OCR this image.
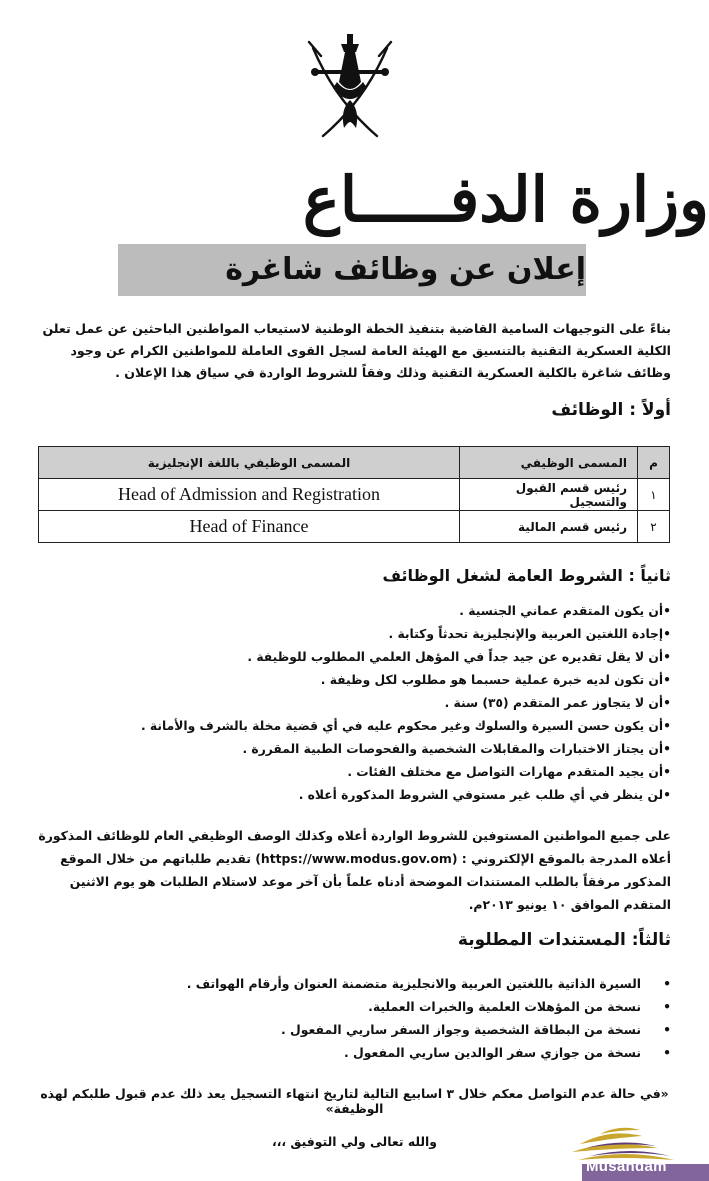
وزارة الدفـــــاع
إعلان عن وظائف شاغرة

بناءً على التوجيهات السامية القاضية بتنفيذ الخطة الوطنية لاستيعاب المواطنين الباحثين عن عمل تعلن الكلية العسكرية التقنية بالتنسيق مع الهيئة العامة لسجل القوى العاملة للمواطنين الكرام عن وجود وظائف شاغرة بالكلية العسكرية التقنية وذلك وفقاً للشروط الواردة في سياق هذا الإعلان .

أولاً : الوظائف
م	المسمى الوظيفي	المسمى الوظيفي باللغة الإنجليزية
١	رئيس قسم القبول والتسجيل	Head of Admission and Registration
٢	رئيس قسم المالية	Head of Finance
ثانياً : الشروط العامة لشغل الوظائف
•أن يكون المتقدم عماني الجنسية .
•إجادة اللغتين العربية والإنجليزية تحدثاً وكتابة .
•أن لا يقل تقديره عن جيد جداً في المؤهل العلمي المطلوب للوظيفة .
•أن تكون لديه خبرة عملية حسبما هو مطلوب لكل وظيفة .
•أن لا يتجاوز عمر المتقدم (٣٥) سنة .
•أن يكون حسن السيرة والسلوك وغير محكوم عليه في أي قضية مخلة بالشرف والأمانة .
•أن يجتاز الاختبارات والمقابلات الشخصية والفحوصات الطبية المقررة .
•أن يجيد المتقدم مهارات التواصل مع مختلف الفئات .
•لن ينظر في أي طلب غير مستوفي الشروط المذكورة أعلاه .

على جميع المواطنين المستوفين للشروط الواردة أعلاه وكذلك الوصف الوظيفي العام للوظائف المذكورة أعلاه المدرجة بالموقع الإلكتروني : (https://www.modus.gov.om) تقديم طلباتهم من خلال الموقع المذكور مرفقاً بالطلب المستندات الموضحة أدناه علماً بأن آخر موعد لاستلام الطلبات هو يوم الاثنين المتقدم الموافق ١٠ يونيو ٢٠١٣م.

ثالثاً: المستندات المطلوبة
•
السيرة الذاتية باللغتين العربية والانجليزية متضمنة العنوان وأرقام الهواتف .
•
نسخة من المؤهلات العلمية والخبرات العملية.
•
نسخة من البطاقة الشخصية وجواز السفر ساريي المفعول .
•
نسخة من جوازي سفر الوالدين ساريي المفعول .
«في حالة عدم التواصل معكم خلال ٣ اسابيع التالية لتاريخ انتهاء التسجيل يعد ذلك عدم قبول طلبكم لهذه الوظيفة»
والله تعالى ولي التوفيق ،،،
Musandam
